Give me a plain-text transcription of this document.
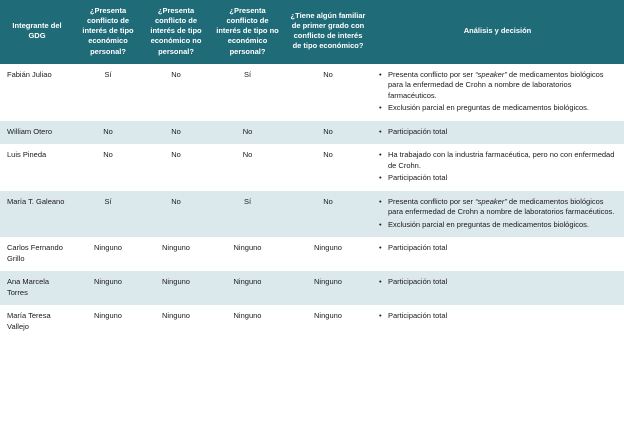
Integrante del GDG	¿Presenta conflicto de interés de tipo económico personal?	¿Presenta conflicto de interés de tipo económico no personal?	¿Presenta conflicto de interés de tipo no económico personal?	¿Tiene algún familiar de primer grado con conflicto de interés de tipo económico?	Análisis y decisión
Fabián Juliao	Sí	No	Sí	No	
•Presenta conflicto por ser “speaker” de medicamentos biológicos para la enfermedad de Crohn a nombre de laboratorios farmacéuticos.
• Exclusión parcial en preguntas de medicamentos biológicos.

William Otero	No	No	No	No	
•Participación total

Luis Pineda	No	No	No	No	
•Ha trabajado con la industria farmacéutica, pero no con enfermedad de Crohn.
• Participación total

María T. Galeano	Sí	No	Sí	No	
•Presenta conflicto por ser “speaker” de medicamentos biológicos para enfermedad de Crohn a nombre de laboratorios farmacéuticos.
• Exclusión parcial en preguntas de medicamentos biológicos.

Carlos Fernando Grillo	Ninguno	Ninguno	Ninguno	Ninguno	
•Participación total

Ana Marcela Torres	Ninguno	Ninguno	Ninguno	Ninguno	
•Participación total

María Teresa Vallejo	Ninguno	Ninguno	Ninguno	Ninguno	
•Participación total
